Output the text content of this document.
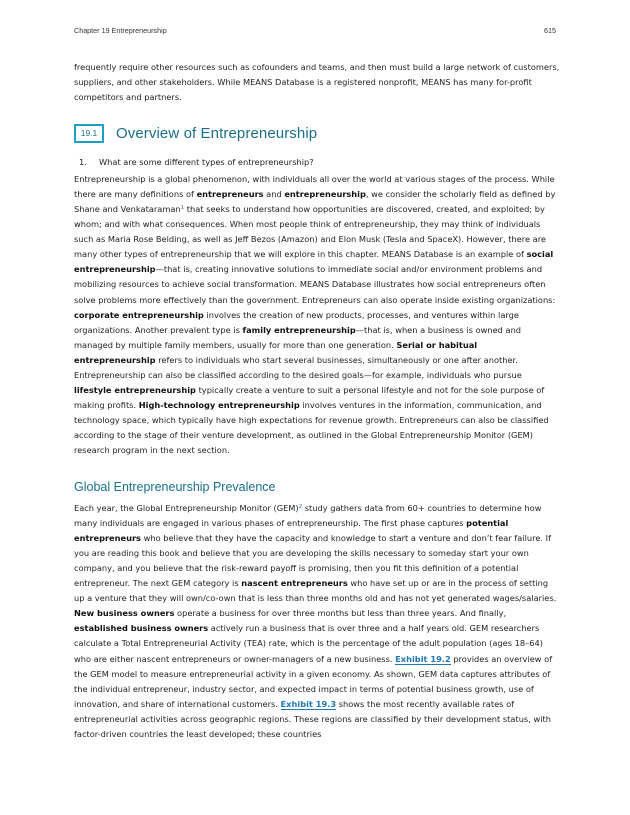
Chapter 19 Entrepreneurship	615

frequently require other resources such as cofounders and teams, and then must build a large network of customers, suppliers, and other stakeholders. While MEANS Database is a registered nonprofit, MEANS has many for-profit competitors and partners.

19.1	Overview of Entrepreneurship
1.	What are some different types of entrepreneurship?

Entrepreneurship is a global phenomenon, with individuals all over the world at various stages of the process. While there are many definitions of entrepreneurs and entrepreneurship, we consider the scholarly field as defined by Shane and Venkataraman$^1$ that seeks to understand how opportunities are discovered, created, and exploited; by whom; and with what consequences. When most people think of entrepreneurship, they may think of individuals such as Maria Rose Belding, as well as Jeff Bezos (Amazon) and Elon Musk (Tesla and SpaceX). However, there are many other types of entrepreneurship that we will explore in this chapter. MEANS Database is an example of social entrepreneurship—that is, creating innovative solutions to immediate social and/or environment problems and mobilizing resources to achieve social transformation. MEANS Database illustrates how social entrepreneurs often solve problems more effectively than the government. Entrepreneurs can also operate inside existing organizations: corporate entrepreneurship involves the creation of new products, processes, and ventures within large organizations. Another prevalent type is family entrepreneurship—that is, when a business is owned and managed by multiple family members, usually for more than one generation. Serial or habitual entrepreneurship refers to individuals who start several businesses, simultaneously or one after another. Entrepreneurship can also be classified according to the desired goals—for example, individuals who pursue lifestyle entrepreneurship typically create a venture to suit a personal lifestyle and not for the sole purpose of making profits. High-technology entrepreneurship involves ventures in the information, communication, and technology space, which typically have high expectations for revenue growth. Entrepreneurs can also be classified according to the stage of their venture development, as outlined in the Global Entrepreneurship Monitor (GEM) research program in the next section.

Global Entrepreneurship Prevalence

Each year, the Global Entrepreneurship Monitor (GEM)$^2$ study gathers data from 60+ countries to determine how many individuals are engaged in various phases of entrepreneurship. The first phase captures potential entrepreneurs who believe that they have the capacity and knowledge to start a venture and don’t fear failure. If you are reading this book and believe that you are developing the skills necessary to someday start your own company, and you believe that the risk-reward payoff is promising, then you fit this definition of a potential entrepreneur. The next GEM category is nascent entrepreneurs who have set up or are in the process of setting up a venture that they will own/co-own that is less than three months old and has not yet generated wages/salaries. New business owners operate a business for over three months but less than three years. And finally, established business owners actively run a business that is over three and a half years old. GEM researchers calculate a Total Entrepreneurial Activity (TEA) rate, which is the percentage of the adult population (ages 18–64) who are either nascent entrepreneurs or owner-managers of a new business. Exhibit 19.2 provides an overview of the GEM model to measure entrepreneurial activity in a given economy. As shown, GEM data captures attributes of the individual entrepreneur, industry sector, and expected impact in terms of potential business growth, use of innovation, and share of international customers. Exhibit 19.3 shows the most recently available rates of entrepreneurial activities across geographic regions. These regions are classified by their development status, with factor-driven countries the least developed; these countries
